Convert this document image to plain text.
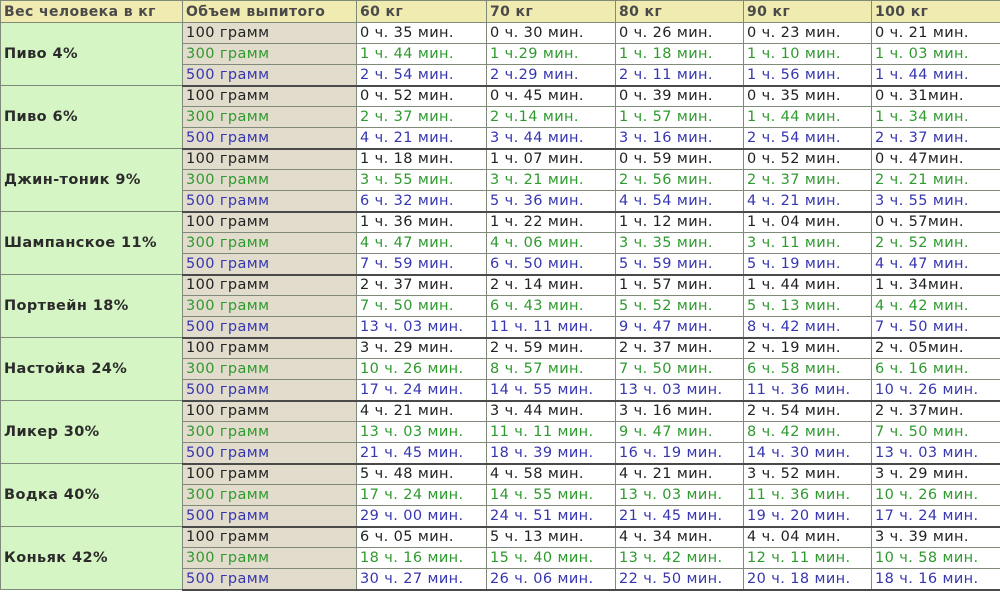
Вес человека в кг	Объем выпитого	60 кг	70 кг	80 кг	90 кг	100 кг
Пиво 4%	100 грамм	0 ч. 35 мин.	0 ч. 30 мин.	0 ч. 26 мин.	0 ч. 23 мин.	0 ч. 21 мин.
	300 грамм	1 ч. 44 мин.	1 ч.29 мин.	1 ч. 18 мин.	1 ч. 10 мин.	1 ч. 03 мин.
	500 грамм	2 ч. 54 мин.	2 ч.29 мин.	2 ч. 11 мин.	1 ч. 56 мин.	1 ч. 44 мин.
Пиво 6%	100 грамм	0 ч. 52 мин.	0 ч. 45 мин.	0 ч. 39 мин.	0 ч. 35 мин.	0 ч. 31мин.
	300 грамм	2 ч. 37 мин.	2 ч.14 мин.	1 ч. 57 мин.	1 ч. 44 мин.	1 ч. 34 мин.
	500 грамм	4 ч. 21 мин.	3 ч. 44 мин.	3 ч. 16 мин.	2 ч. 54 мин.	2 ч. 37 мин.
Джин-тоник 9%	100 грамм	1 ч. 18 мин.	1 ч. 07 мин.	0 ч. 59 мин.	0 ч. 52 мин.	0 ч. 47мин.
	300 грамм	3 ч. 55 мин.	3 ч. 21 мин.	2 ч. 56 мин.	2 ч. 37 мин.	2 ч. 21 мин.
	500 грамм	6 ч. 32 мин.	5 ч. 36 мин.	4 ч. 54 мин.	4 ч. 21 мин.	3 ч. 55 мин.
Шампанское 11%	100 грамм	1 ч. 36 мин.	1 ч. 22 мин.	1 ч. 12 мин.	1 ч. 04 мин.	0 ч. 57мин.
	300 грамм	4 ч. 47 мин.	4 ч. 06 мин.	3 ч. 35 мин.	3 ч. 11 мин.	2 ч. 52 мин.
	500 грамм	7 ч. 59 мин.	6 ч. 50 мин.	5 ч. 59 мин.	5 ч. 19 мин.	4 ч. 47 мин.
Портвейн 18%	100 грамм	2 ч. 37 мин.	2 ч. 14 мин.	1 ч. 57 мин.	1 ч. 44 мин.	1 ч. 34мин.
	300 грамм	7 ч. 50 мин.	6 ч. 43 мин.	5 ч. 52 мин.	5 ч. 13 мин.	4 ч. 42 мин.
	500 грамм	13 ч. 03 мин.	11 ч. 11 мин.	9 ч. 47 мин.	8 ч. 42 мин.	7 ч. 50 мин.
Настойка 24%	100 грамм	3 ч. 29 мин.	2 ч. 59 мин.	2 ч. 37 мин.	2 ч. 19 мин.	2 ч. 05мин.
	300 грамм	10 ч. 26 мин.	8 ч. 57 мин.	7 ч. 50 мин.	6 ч. 58 мин.	6 ч. 16 мин.
	500 грамм	17 ч. 24 мин.	14 ч. 55 мин.	13 ч. 03 мин.	11 ч. 36 мин.	10 ч. 26 мин.
Ликер 30%	100 грамм	4 ч. 21 мин.	3 ч. 44 мин.	3 ч. 16 мин.	2 ч. 54 мин.	2 ч. 37мин.
	300 грамм	13 ч. 03 мин.	11 ч. 11 мин.	9 ч. 47 мин.	8 ч. 42 мин.	7 ч. 50 мин.
	500 грамм	21 ч. 45 мин.	18 ч. 39 мин.	16 ч. 19 мин.	14 ч. 30 мин.	13 ч. 03 мин.
Водка 40%	100 грамм	5 ч. 48 мин.	4 ч. 58 мин.	4 ч. 21 мин.	3 ч. 52 мин.	3 ч. 29 мин.
	300 грамм	17 ч. 24 мин.	14 ч. 55 мин.	13 ч. 03 мин.	11 ч. 36 мин.	10 ч. 26 мин.
	500 грамм	29 ч. 00 мин.	24 ч. 51 мин.	21 ч. 45 мин.	19 ч. 20 мин.	17 ч. 24 мин.
Коньяк 42%	100 грамм	6 ч. 05 мин.	5 ч. 13 мин.	4 ч. 34 мин.	4 ч. 04 мин.	3 ч. 39 мин.
	300 грамм	18 ч. 16 мин.	15 ч. 40 мин.	13 ч. 42 мин.	12 ч. 11 мин.	10 ч. 58 мин.
	500 грамм	30 ч. 27 мин.	26 ч. 06 мин.	22 ч. 50 мин.	20 ч. 18 мин.	18 ч. 16 мин.
